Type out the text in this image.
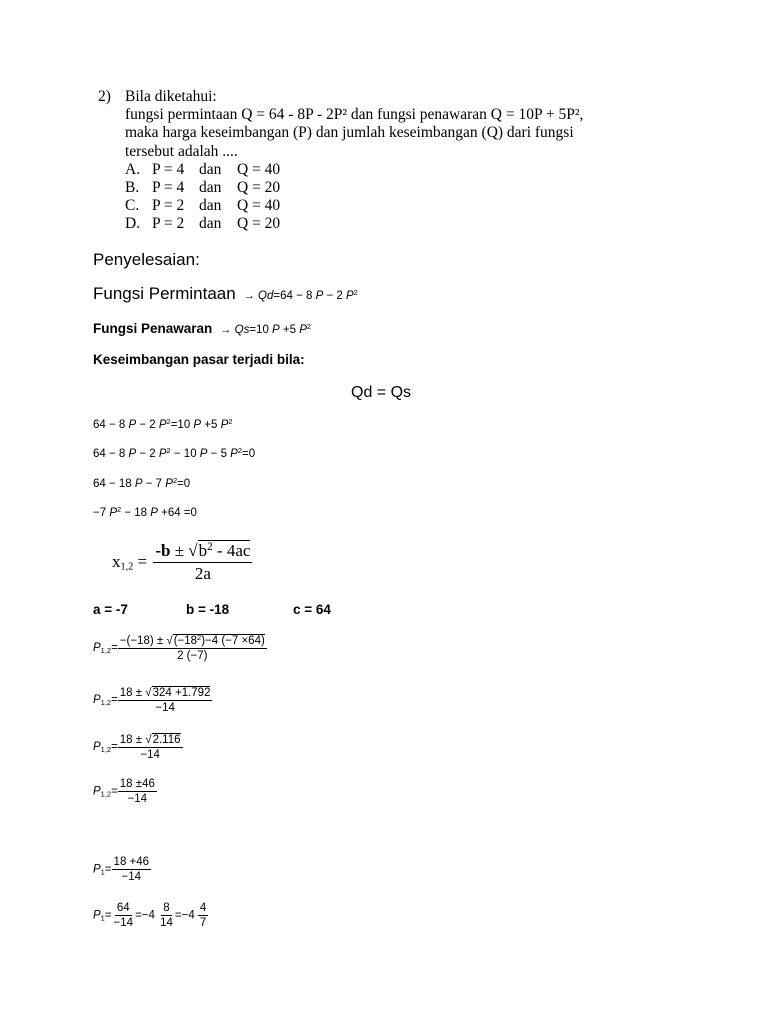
2) Bila diketahui:
fungsi permintaan Q = 64 - 8P - 2P² dan fungsi penawaran Q = 10P + 5P²,
maka harga keseimbangan (P) dan jumlah keseimbangan (Q) dari fungsi
tersebut adalah ....
A. P = 4 dan	Q = 40
B. P = 4 dan	Q = 20
C. P = 2 dan	Q = 40
D. P = 2 dan	Q = 20
Penyelesaian:
Fungsi Permintaan  → Qd=64 − 8 P − 2 $P^2$
Fungsi Penawaran  → Qs=10 P +5 $P^2$
Keseimbangan pasar terjadi bila:
Qd = Qs
64 − 8 P − 2 $P^2=10$ P +5 $P^2$
64 − 8 P − 2 $P^2 - 10$ P − 5 $P^2=0$
64 − 18 P − 7 $P^2=0$
−7 $P^2 - 18$ P +64 =0
$x_{1,2} = \frac{-b \pm √b^2 - 4ac}{2a}$
a = -7	b = -18	c = 64
$P_{1,2}= \frac{-(-18) \pm √(-18^2)-4 (-7 \times 64)}{2 (-7)}$
$P_{1,2}= \frac{18 \pm √324 +1.792}{-14}$
$P_{1,2}= \frac{18 \pm √2.116}{-14}$
$P_{1,2}= \frac{18 \pm 46}{-14}$
$P_1= \frac{18 +46}{-14}$
$P_1= \frac{64}{-14} =-4 \frac{8}{14} =-4 \frac{4}{7}$
